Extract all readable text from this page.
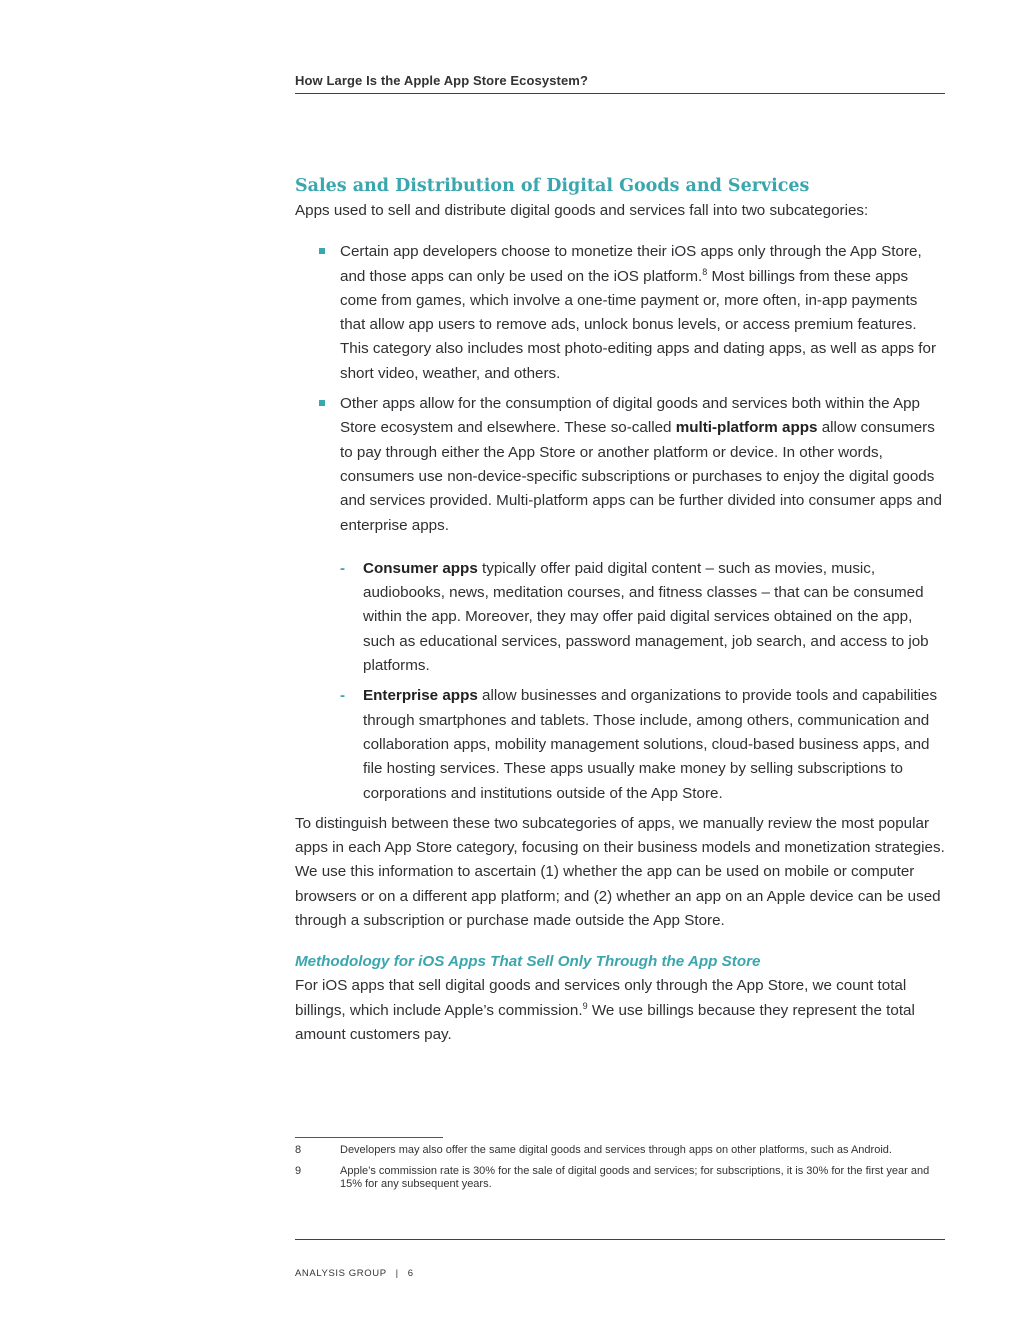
How Large Is the Apple App Store Ecosystem?
Sales and Distribution of Digital Goods and Services

Apps used to sell and distribute digital goods and services fall into two subcategories:

Certain app developers choose to monetize their iOS apps only through the App Store, and those apps can only be used on the iOS platform.$^8$ Most billings from these apps come from games, which involve a one-time payment or, more often, in-app payments that allow app users to remove ads, unlock bonus levels, or access premium features. This category also includes most photo-editing apps and dating apps, as well as apps for short video, weather, and others.
Other apps allow for the consumption of digital goods and services both within the App Store ecosystem and elsewhere. These so-called multi-platform apps allow consumers to pay through either the App Store or another platform or device. In other words, consumers use non-device-specific subscriptions or purchases to enjoy the digital goods and services provided. Multi-platform apps can be further divided into consumer apps and enterprise apps.
- Consumer apps typically offer paid digital content – such as movies, music, audiobooks, news, meditation courses, and fitness classes – that can be consumed within the app. Moreover, they may offer paid digital services obtained on the app, such as educational services, password management, job search, and access to job platforms.
- Enterprise apps allow businesses and organizations to provide tools and capabilities through smartphones and tablets. Those include, among others, communication and collaboration apps, mobility management solutions, cloud-based business apps, and file hosting services. These apps usually make money by selling subscriptions to corporations and institutions outside of the App Store.

To distinguish between these two subcategories of apps, we manually review the most popular apps in each App Store category, focusing on their business models and monetization strategies. We use this information to ascertain (1) whether the app can be used on mobile or computer browsers or on a different app platform; and (2) whether an app on an Apple device can be used through a subscription or purchase made outside the App Store.

Methodology for iOS Apps That Sell Only Through the App Store

For iOS apps that sell digital goods and services only through the App Store, we count total billings, which include Apple’s commission.$^9$ We use billings because they represent the total amount customers pay.

8	Developers may also offer the same digital goods and services through apps on other platforms, such as Android.
9	Apple’s commission rate is 30% for the sale of digital goods and services; for subscriptions, it is 30% for the first year and 15% for any subsequent years.
ANALYSIS GROUP | 6
